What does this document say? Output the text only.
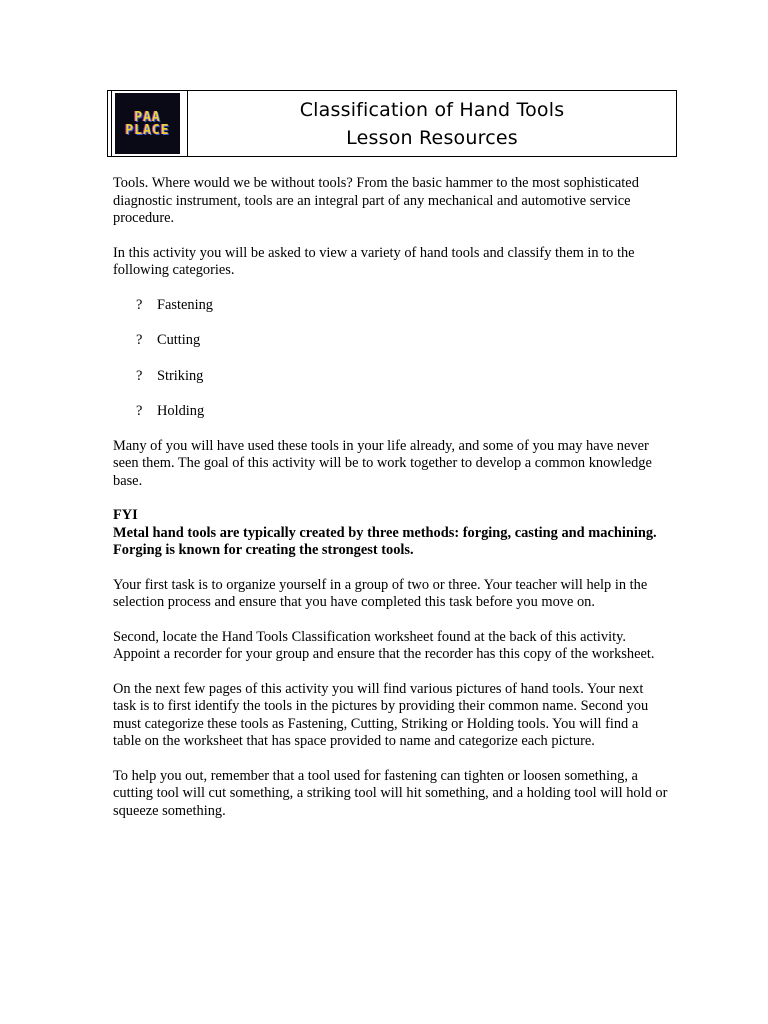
PAA
PLACE
Classification of Hand Tools
Lesson Resources

Tools. Where would we be without tools? From the basic hammer to the most sophisticated diagnostic instrument, tools are an integral part of any mechanical and automotive service procedure.

In this activity you will be asked to view a variety of hand tools and classify them in to the following categories.

?	Fastening
?	Cutting
?	Striking
?	Holding

Many of you will have used these tools in your life already, and some of you may have never seen them. The goal of this activity will be to work together to develop a common knowledge base.

FYI
Metal hand tools are typically created by three methods: forging, casting and machining. Forging is known for creating the strongest tools.

Your first task is to organize yourself in a group of two or three. Your teacher will help in the selection process and ensure that you have completed this task before you move on.

Second, locate the Hand Tools Classification worksheet found at the back of this activity. Appoint a recorder for your group and ensure that the recorder has this copy of the worksheet.

On the next few pages of this activity you will find various pictures of hand tools. Your next task is to first identify the tools in the pictures by providing their common name. Second you must categorize these tools as Fastening, Cutting, Striking or Holding tools. You will find a table on the worksheet that has space provided to name and categorize each picture.

To help you out, remember that a tool used for fastening can tighten or loosen something, a cutting tool will cut something, a striking tool will hit something, and a holding tool will hold or squeeze something.
